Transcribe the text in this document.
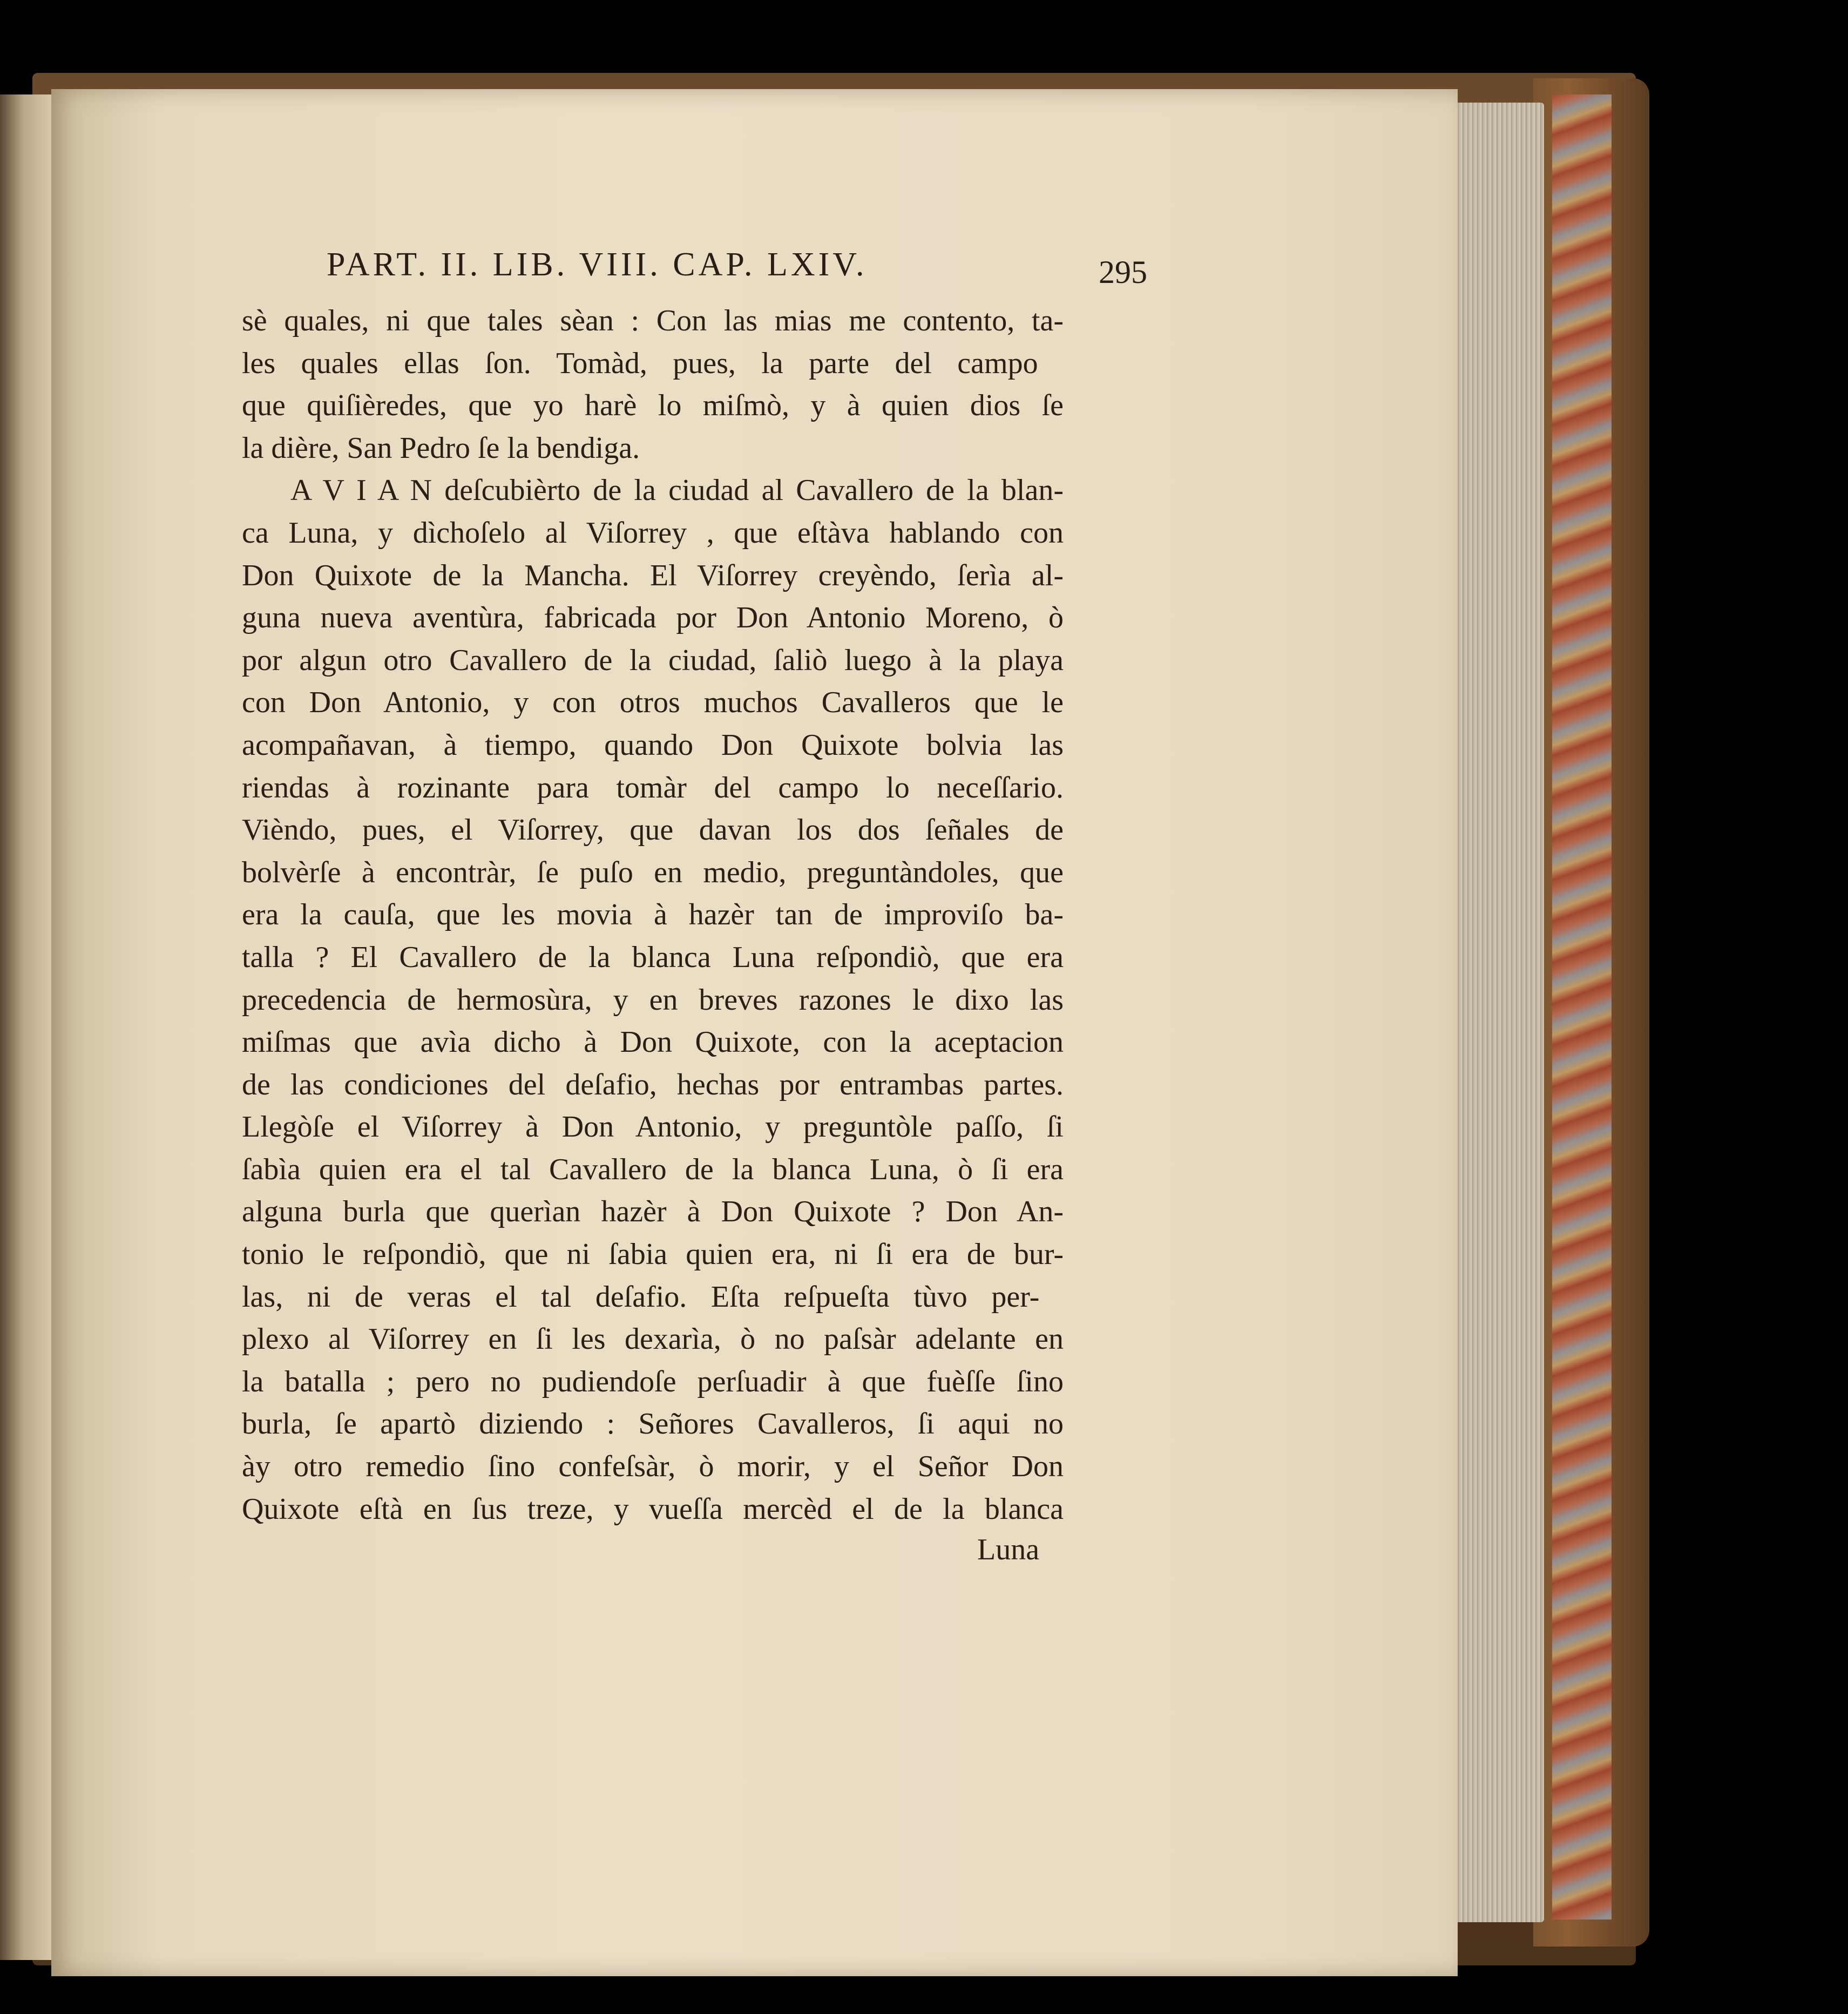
PART. II. LIB. VIII. CAP. LXIV.	295
sè quales, ni que tales sèan : Con las mias me contento, ta-
les quales ellas ſon. Tomàd, pues, la parte del campo
que quiſièredes, que yo harè lo miſmò, y à quien dios ſe
la dière, San Pedro ſe la bendiga.
A V I A N deſcubièrto de la ciudad al Cavallero de la blan-
ca Luna, y dìchoſelo al Viſorrey , que eſtàva hablando con
Don Quixote de la Mancha. El Viſorrey creyèndo, ſerìa al-
guna nueva aventùra, fabricada por Don Antonio Moreno, ò
por algun otro Cavallero de la ciudad, ſaliò luego à la playa
con Don Antonio, y con otros muchos Cavalleros que le
acompañavan, à tiempo, quando Don Quixote bolvia las
riendas à rozinante para tomàr del campo lo neceſſario.
Vièndo, pues, el Viſorrey, que davan los dos ſeñales de
bolvèrſe à encontràr, ſe puſo en medio, preguntàndoles, que
era la cauſa, que les movia à hazèr tan de improviſo ba-
talla ? El Cavallero de la blanca Luna reſpondiò, que era
precedencia de hermosùra, y en breves razones le dixo las
miſmas que avìa dicho à Don Quixote, con la aceptacion
de las condiciones del deſafio, hechas por entrambas partes.
Llegòſe el Viſorrey à Don Antonio, y preguntòle paſſo, ſi
ſabìa quien era el tal Cavallero de la blanca Luna, ò ſi era
alguna burla que querìan hazèr à Don Quixote ? Don An-
tonio le reſpondiò, que ni ſabia quien era, ni ſi era de bur-
las, ni de veras el tal deſafio. Eſta reſpueſta tùvo per-
plexo al Viſorrey en ſi les dexarìa, ò no paſsàr adelante en
la batalla ; pero no pudiendoſe perſuadir à que fuèſſe ſino
burla, ſe apartò diziendo : Señores Cavalleros, ſi aqui no
ày otro remedio ſino confeſsàr, ò morir, y el Señor Don
Quixote eſtà en ſus treze, y vueſſa mercèd el de la blanca
Luna
